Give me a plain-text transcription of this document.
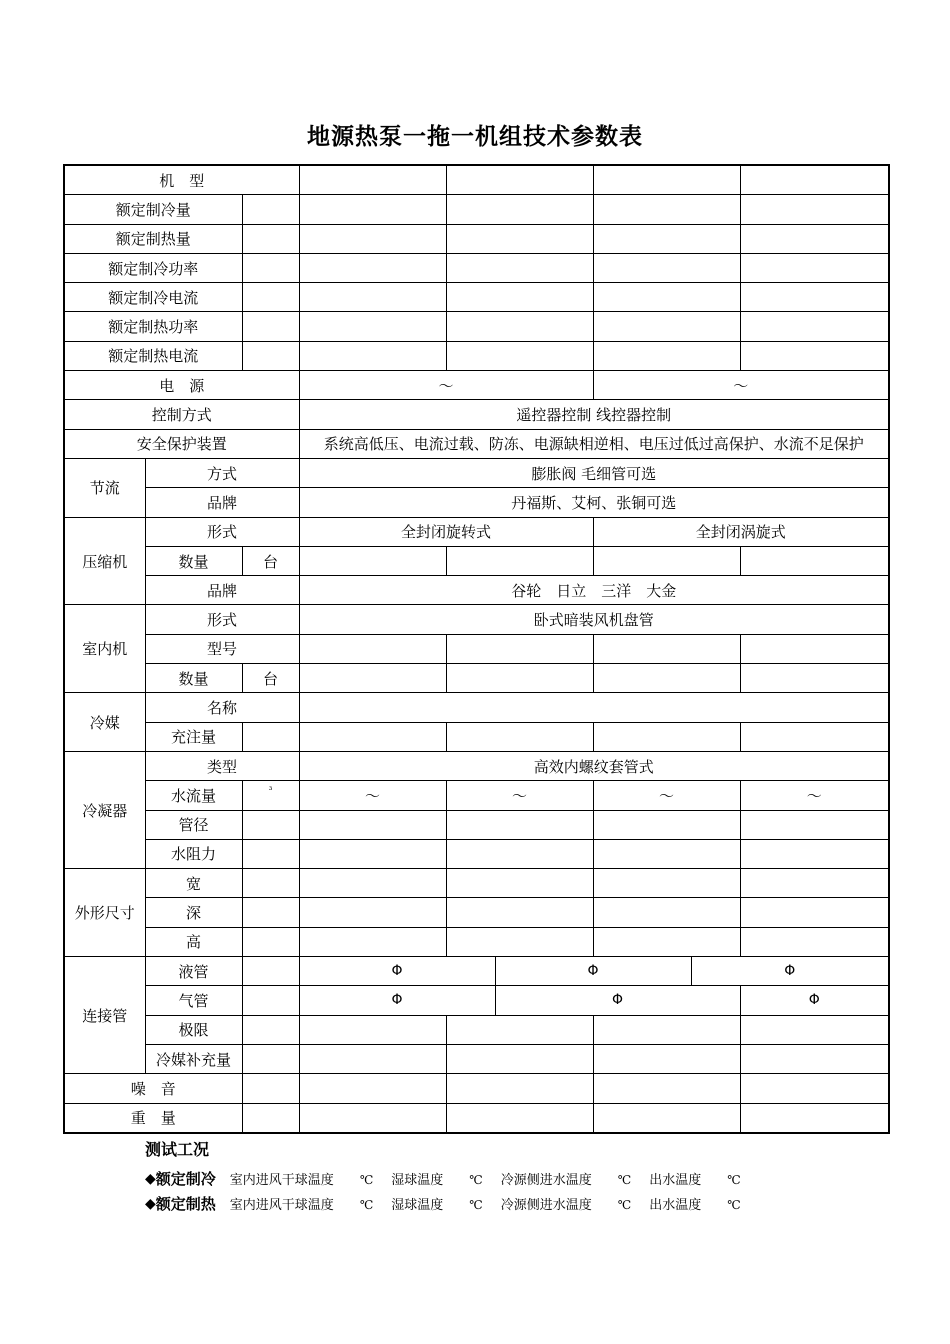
地源热泵一拖一机组技术参数表
机　型								
额定制冷量								
额定制热量								
额定制冷功率								
额定制冷电流								
额定制热功率								
额定制热电流								
电　源			～			～		
控制方式			遥控器控制 线控器控制					
安全保护装置			系统高低压、电流过载、防冻、电源缺相逆相、电压过低过高保护、水流不足保护					
节流	方式		膨胀阀 毛细管可选					
	品牌		丹福斯、艾柯、张铜可选					
压缩机	形式		全封闭旋转式			全封闭涡旋式		
	数量	台						
	品牌		谷轮　日立　三洋　大金					
室内机	形式		卧式暗装风机盘管					
	型号							
	数量	台						
冷媒	名称							
	充注量							
冷凝器	类型		高效内螺纹套管式					
	水流量	$^{^3}$	～	～		～		～
	管径							
	水阻力							
外形尺寸	宽							
	深							
	高							
连接管	液管		Φ		Φ		Φ	
	气管		Φ		Φ			Φ
	极限							
	冷媒补充量							
噪　音								
重　量								
测试工况
◆ 额定制冷 室内进风干球温度　　 ℃ 湿球温度　　 ℃ 冷源侧进水温度　　 ℃ 出水温度　　 ℃
◆ 额定制热 室内进风干球温度　　 ℃ 湿球温度　　 ℃ 冷源侧进水温度　　 ℃ 出水温度　　 ℃
